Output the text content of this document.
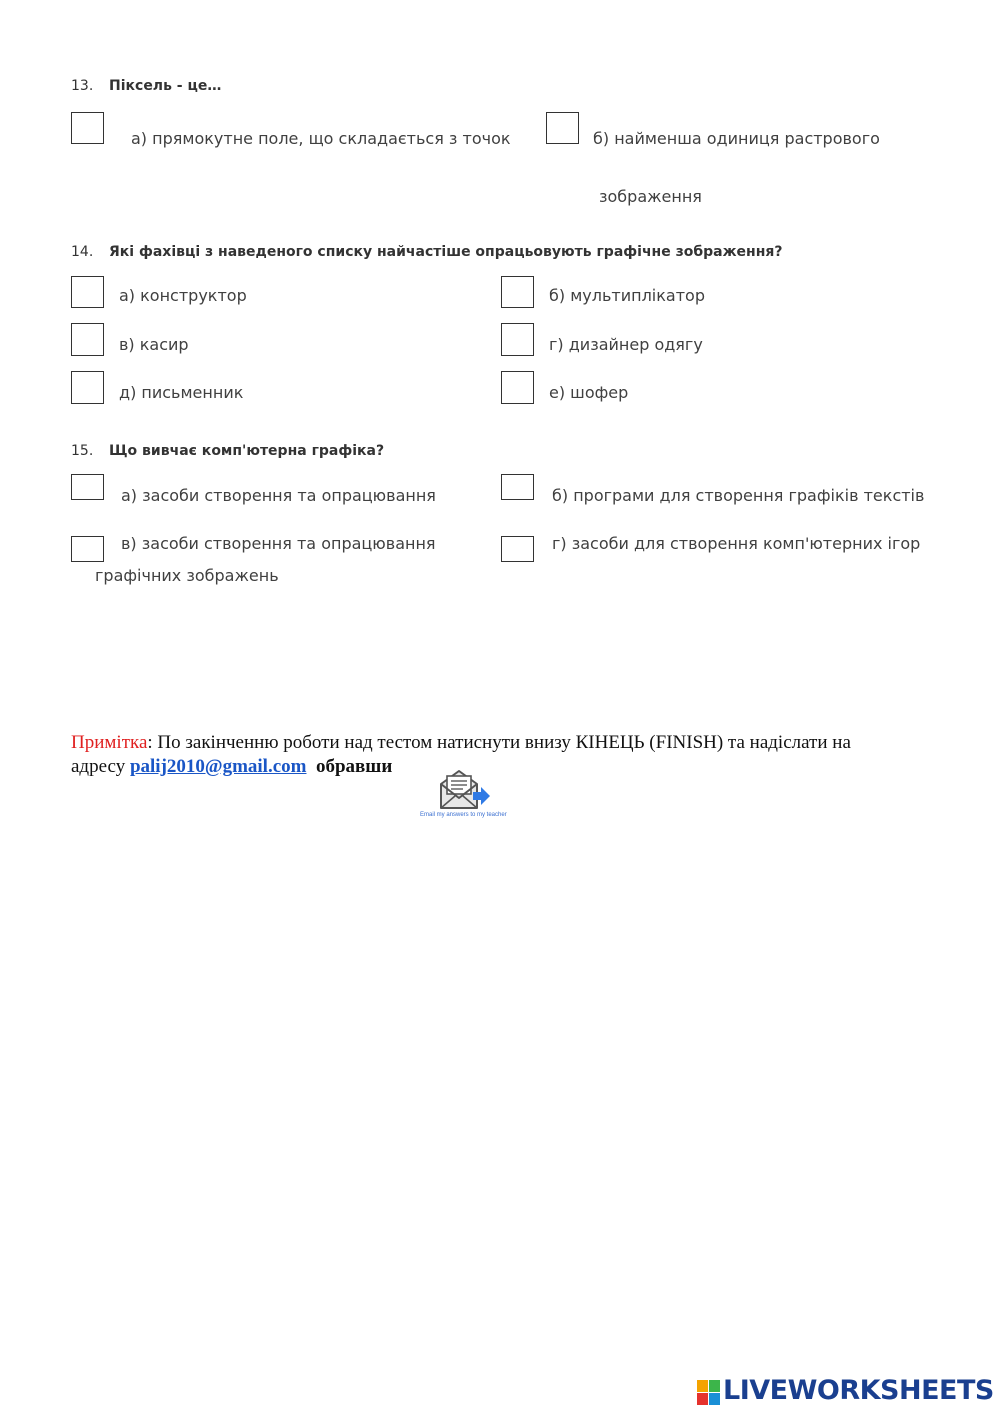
13. Піксель - це…
а) прямокутне поле, що складається з точок	б) найменша одиниця растрового
зображення
14. Які фахівці з наведеного списку найчастіше опрацьовують графічне зображення?
а) конструктор	б) мультиплікатор
в) касир	г) дизайнер одягу
д) письменник	е) шофер
15. Що вивчає комп'ютерна графіка?
а) засоби створення та опрацювання	б) програми для створення графіків текстів
в) засоби створення та опрацювання
графічних зображень
г) засоби для створення комп'ютерних ігор
Примітка: По закінченню роботи над тестом натиснути внизу КІНЕЦЬ (FINISH) та надіслати на
адресу palij2010@gmail.com обравши
Email my answers to my teacher
LIVEWORKSHEETS
